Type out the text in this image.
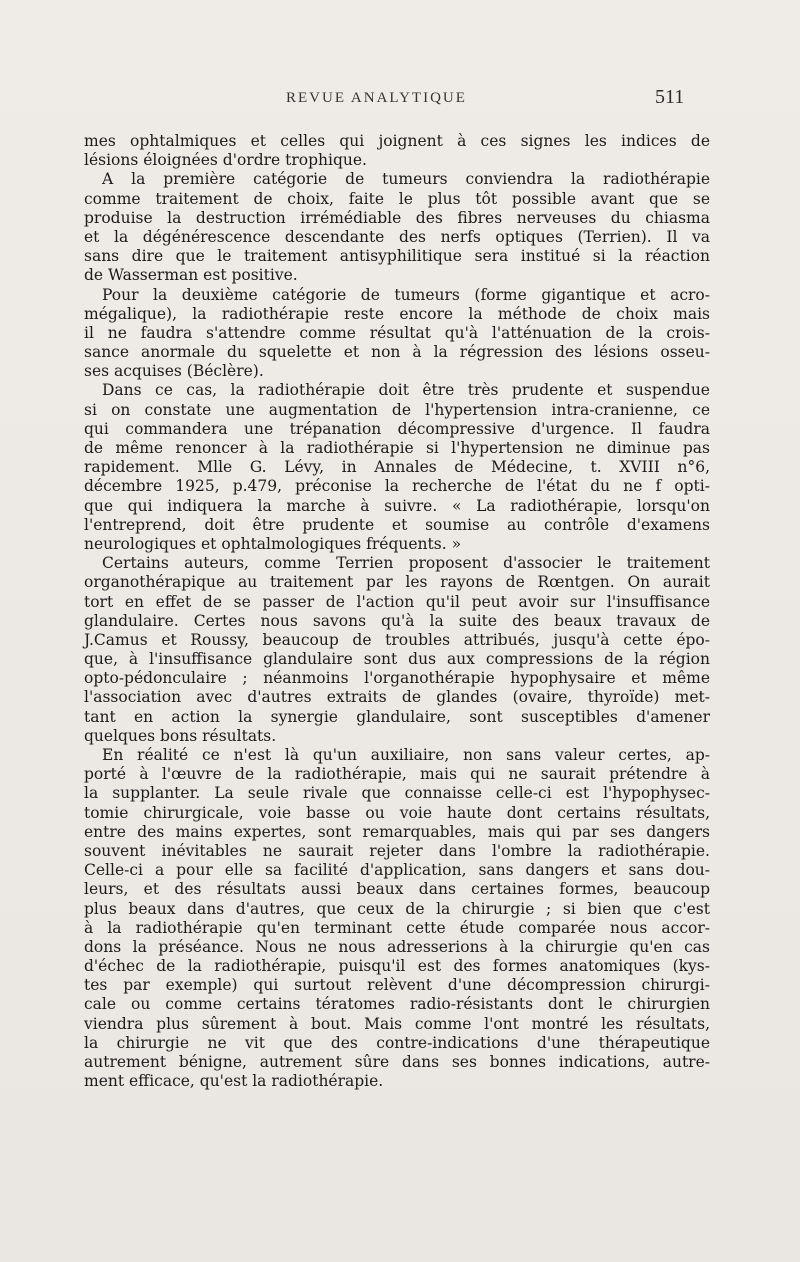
REVUE ANALYTIQUE	511
mes ophtalmiques et celles qui joignent à ces signes les indices de
lésions éloignées d'ordre trophique.
A la première catégorie de tumeurs conviendra la radiothérapie
comme traitement de choix, faite le plus tôt possible avant que se
produise la destruction irrémédiable des fibres nerveuses du chiasma
et la dégénérescence descendante des nerfs optiques (Terrien). Il va
sans dire que le traitement antisyphilitique sera institué si la réaction
de Wasserman est positive.
Pour la deuxième catégorie de tumeurs (forme gigantique et acro-
mégalique), la radiothérapie reste encore la méthode de choix mais
il ne faudra s'attendre comme résultat qu'à l'atténuation de la crois-
sance anormale du squelette et non à la régression des lésions osseu-
ses acquises (Béclère).
Dans ce cas, la radiothérapie doit être très prudente et suspendue
si on constate une augmentation de l'hypertension intra-cranienne, ce
qui commandera une trépanation décompressive d'urgence. Il faudra
de même renoncer à la radiothérapie si l'hypertension ne diminue pas
rapidement. Mlle G. Lévy, in Annales de Médecine, t. XVIII n°6,
décembre 1925, p.479, préconise la recherche de l'état du ne f opti-
que qui indiquera la marche à suivre. « La radiothérapie, lorsqu'on
l'entreprend, doit être prudente et soumise au contrôle d'examens
neurologiques et ophtalmologiques fréquents. »
Certains auteurs, comme Terrien proposent d'associer le traitement
organothérapique au traitement par les rayons de Rœntgen. On aurait
tort en effet de se passer de l'action qu'il peut avoir sur l'insuffisance
glandulaire. Certes nous savons qu'à la suite des beaux travaux de
J.Camus et Roussy, beaucoup de troubles attribués, jusqu'à cette épo-
que, à l'insuffisance glandulaire sont dus aux compressions de la région
opto-pédonculaire ; néanmoins l'organothérapie hypophysaire et même
l'association avec d'autres extraits de glandes (ovaire, thyroïde) met-
tant en action la synergie glandulaire, sont susceptibles d'amener
quelques bons résultats.
En réalité ce n'est là qu'un auxiliaire, non sans valeur certes, ap-
porté à l'œuvre de la radiothérapie, mais qui ne saurait prétendre à
la supplanter. La seule rivale que connaisse celle-ci est l'hypophysec-
tomie chirurgicale, voie basse ou voie haute dont certains résultats,
entre des mains expertes, sont remarquables, mais qui par ses dangers
souvent inévitables ne saurait rejeter dans l'ombre la radiothérapie.
Celle-ci a pour elle sa facilité d'application, sans dangers et sans dou-
leurs, et des résultats aussi beaux dans certaines formes, beaucoup
plus beaux dans d'autres, que ceux de la chirurgie ; si bien que c'est
à la radiothérapie qu'en terminant cette étude comparée nous accor-
dons la préséance. Nous ne nous adresserions à la chirurgie qu'en cas
d'échec de la radiothérapie, puisqu'il est des formes anatomiques (kys-
tes par exemple) qui surtout relèvent d'une décompression chirurgi-
cale ou comme certains tératomes radio-résistants dont le chirurgien
viendra plus sûrement à bout. Mais comme l'ont montré les résultats,
la chirurgie ne vit que des contre-indications d'une thérapeutique
autrement bénigne, autrement sûre dans ses bonnes indications, autre-
ment efficace, qu'est la radiothérapie.
